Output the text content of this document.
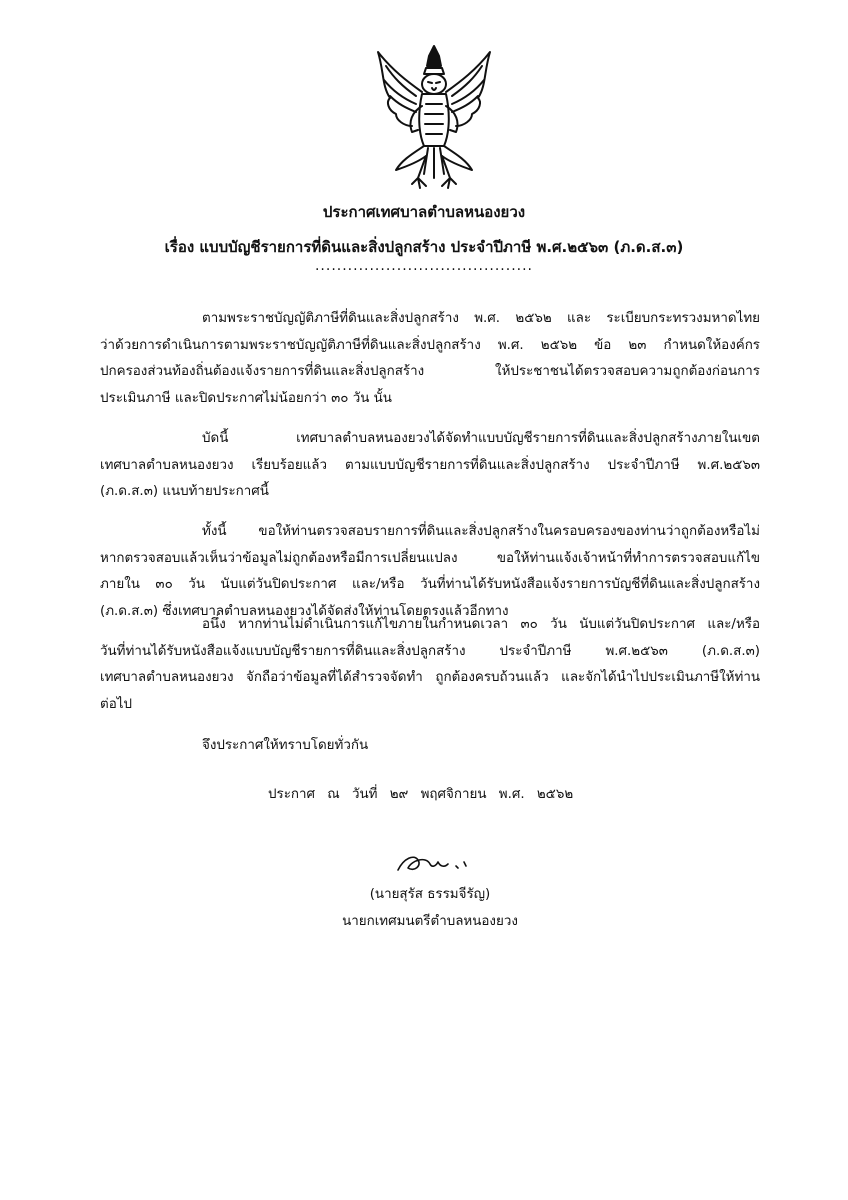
ประกาศเทศบาลตำบลหนองยวง
เรื่อง แบบบัญชีรายการที่ดินและสิ่งปลูกสร้าง ประจำปีภาษี พ.ศ.๒๕๖๓ (ภ.ด.ส.๓)
........................................
ตามพระราชบัญญัติภาษีที่ดินและสิ่งปลูกสร้าง พ.ศ. ๒๕๖๒ และ ระเบียบกระทรวงมหาดไทย
ว่าด้วยการดำเนินการตามพระราชบัญญัติภาษีที่ดินและสิ่งปลูกสร้าง พ.ศ. ๒๕๖๒ ข้อ ๒๓ กำหนดให้องค์กร
ปกครองส่วนท้องถิ่นต้องแจ้งรายการที่ดินและสิ่งปลูกสร้าง ให้ประชาชนได้ตรวจสอบความถูกต้องก่อนการ
ประเมินภาษี และปิดประกาศไม่น้อยกว่า ๓๐ วัน นั้น
บัดนี้ เทศบาลตำบลหนองยวงได้จัดทำแบบบัญชีรายการที่ดินและสิ่งปลูกสร้างภายในเขต
เทศบาลตำบลหนองยวง เรียบร้อยแล้ว ตามแบบบัญชีรายการที่ดินและสิ่งปลูกสร้าง ประจำปีภาษี พ.ศ.๒๕๖๓
(ภ.ด.ส.๓) แนบท้ายประกาศนี้
ทั้งนี้ ขอให้ท่านตรวจสอบรายการที่ดินและสิ่งปลูกสร้างในครอบครองของท่านว่าถูกต้องหรือไม่
หากตรวจสอบแล้วเห็นว่าข้อมูลไม่ถูกต้องหรือมีการเปลี่ยนแปลง ขอให้ท่านแจ้งเจ้าหน้าที่ทำการตรวจสอบแก้ไข
ภายใน ๓๐ วัน นับแต่วันปิดประกาศ และ/หรือ วันที่ท่านได้รับหนังสือแจ้งรายการบัญชีที่ดินและสิ่งปลูกสร้าง
(ภ.ด.ส.๓) ซึ่งเทศบาลตำบลหนองยวงได้จัดส่งให้ท่านโดยตรงแล้วอีกทาง
อนึ่ง หากท่านไม่ดำเนินการแก้ไขภายในกำหนดเวลา ๓๐ วัน นับแต่วันปิดประกาศ และ/หรือ
วันที่ท่านได้รับหนังสือแจ้งแบบบัญชีรายการที่ดินและสิ่งปลูกสร้าง ประจำปีภาษี พ.ศ.๒๕๖๓ (ภ.ด.ส.๓)
เทศบาลตำบลหนองยวง จักถือว่าข้อมูลที่ได้สำรวจจัดทำ ถูกต้องครบถ้วนแล้ว และจักได้นำไปประเมินภาษีให้ท่าน
ต่อไป
จึงประกาศให้ทราบโดยทั่วกัน
ประกาศ ณ วันที่ ๒๙ พฤศจิกายน พ.ศ. ๒๕๖๒
(นายสุรัส ธรรมจีรัญ)
นายกเทศมนตรีตำบลหนองยวง
